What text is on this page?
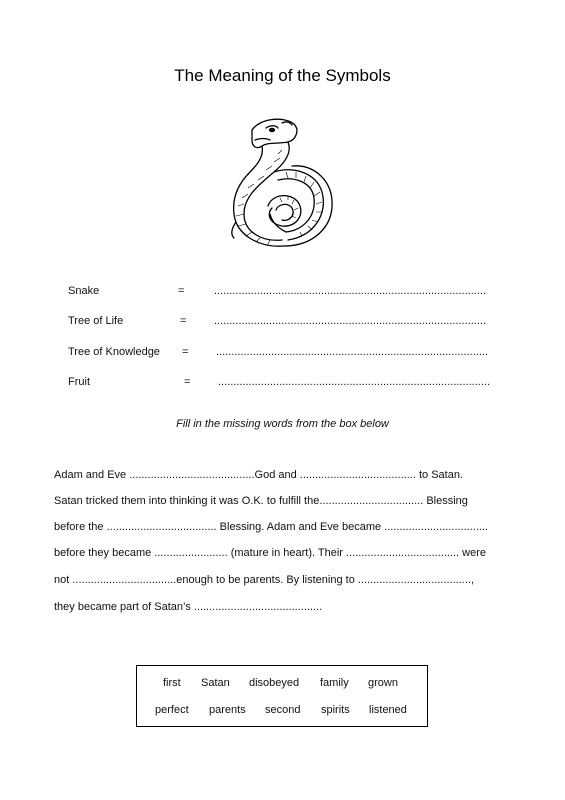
The Meaning of the Symbols
Snake	=	.........................................................................................
Tree of Life	=	.........................................................................................
Tree of Knowledge =	.........................................................................................
Fruit	=	.........................................................................................
Fill in the missing words from the box below
Adam and Eve .........................................God and ...................................... to Satan.
Satan tricked them into thinking it was O.K. to fulfill the.................................. Blessing
before the .................................... Blessing. Adam and Eve became ..................................
before they became ........................ (mature in heart). Their ..................................... were
not ..................................enough to be parents. By listening to .....................................,
they became part of Satan’s ..........................................
first Satan disobeyed family grown
perfect parents second spirits listened
